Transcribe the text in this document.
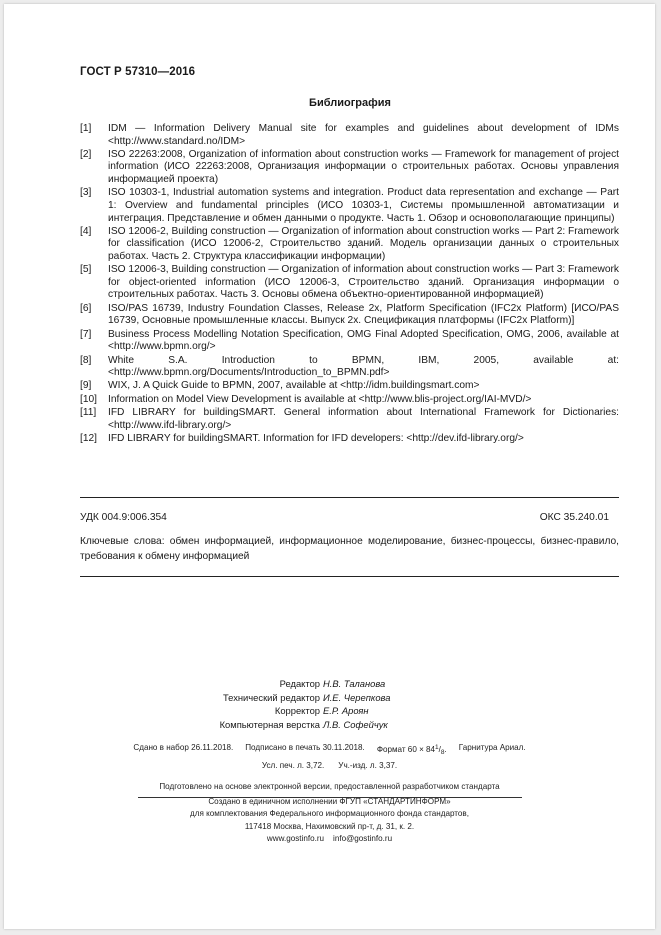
ГОСТ Р 57310—2016
Библиография
[1]	IDM — Information Delivery Manual site for examples and guidelines about development of IDMs <http://www.standard.no/IDM>
[2]	ISO 22263:2008, Organization of information about construction works — Framework for management of project information (ИСО 22263:2008, Организация информации о строительных работах. Основы управления информацией проекта)
[3]	ISO 10303-1, Industrial automation systems and integration. Product data representation and exchange — Part 1: Overview and fundamental principles (ИСО 10303-1, Системы промышленной автоматизации и интеграция. Представление и обмен данными о продукте. Часть 1. Обзор и основополагающие принципы)
[4]	ISO 12006-2, Building construction — Organization of information about construction works — Part 2: Framework for classification (ИСО 12006-2, Строительство зданий. Модель организации данных о строительных работах. Часть 2. Структура классификации информации)
[5]	ISO 12006-3, Building construction — Organization of information about construction works — Part 3: Framework for object-oriented information (ИСО 12006-3, Строительство зданий. Организация информации о строительных работах. Часть 3. Основы обмена объектно-ориентированной информацией)
[6]	ISO/PAS 16739, Industry Foundation Classes, Release 2x, Platform Specification (IFC2x Platform) [ИСО/PAS 16739, Основные промышленные классы. Выпуск 2x. Спецификация платформы (IFC2x Platform)]
[7]	Business Process Modelling Notation Specification, OMG Final Adopted Specification, OMG, 2006, available at <http://www.bpmn.org/>
[8]	White S.A. Introduction to BPMN, IBM, 2005, available at: <http://www.bpmn.org/Documents/Introduction_to_BPMN.pdf>
[9]	WIX, J. A Quick Guide to BPMN, 2007, available at <http://idm.buildingsmart.com>
[10]	Information on Model View Development is available at <http://www.blis-project.org/IAI-MVD/>
[11]	IFD LIBRARY for buildingSMART. General information about International Framework for Dictionaries: <http://www.ifd-library.org/>
[12]	IFD LIBRARY for buildingSMART. Information for IFD developers: <http://dev.ifd-library.org/>
УДК 004.9:006.354	ОКС 35.240.01
Ключевые слова: обмен информацией, информационное моделирование, бизнес-процессы, бизнес-правило, требования к обмену информацией
Редактор Н.В. Таланова
Технический редактор И.Е. Черепкова
Корректор Е.Р. Ароян
Компьютерная верстка Л.В. Софейчук
Сдано в набор 26.11.2018. Подписано в печать 30.11.2018. Формат $60 \times 84^1/_8$. Гарнитура Ариал.
Усл. печ. л. 3,72. Уч.-изд. л. 3,37.
Подготовлено на основе электронной версии, предоставленной разработчиком стандарта
Создано в единичном исполнении ФГУП «СТАНДАРТИНФОРМ»
для комплектования Федерального информационного фонда стандартов,
117418 Москва, Нахимовский пр-т, д. 31, к. 2.
www.gostinfo.ru info@gostinfo.ru
